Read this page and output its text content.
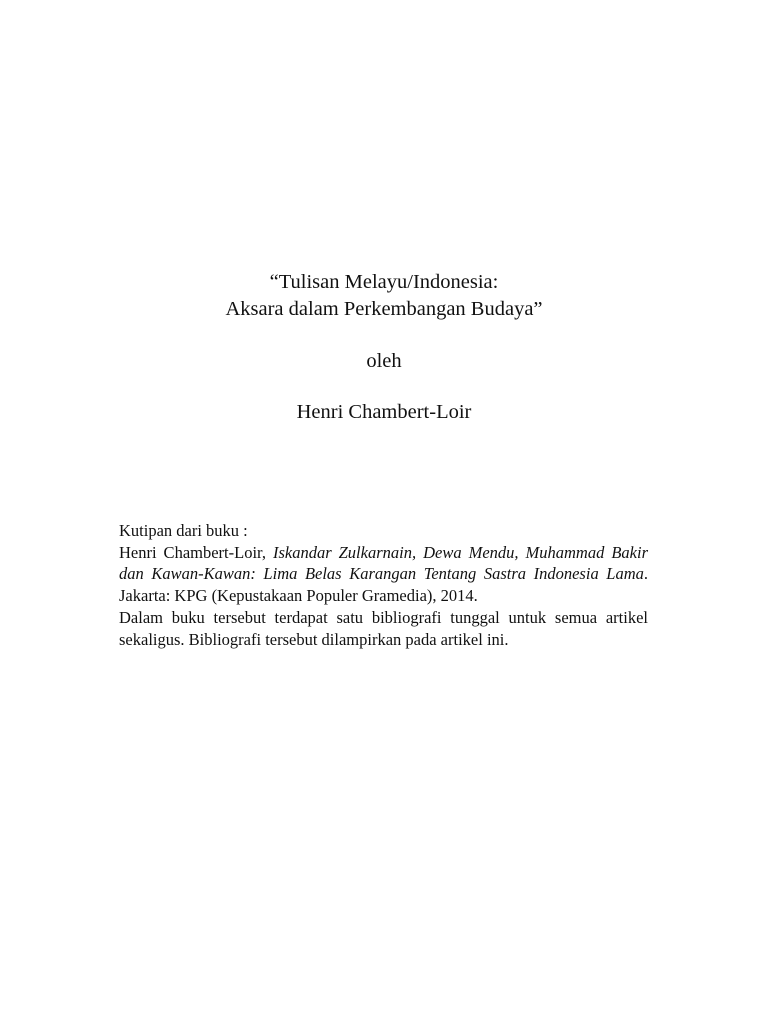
“Tulisan Melayu/Indonesia:
Aksara dalam Perkembangan Budaya”
oleh
Henri Chambert-Loir

Kutipan dari buku :

Henri Chambert-Loir, Iskandar Zulkarnain, Dewa Mendu, Muhammad Bakir dan Kawan-Kawan: Lima Belas Karangan Tentang Sastra Indonesia Lama. Jakarta: KPG (Kepustakaan Populer Gramedia), 2014.

Dalam buku tersebut terdapat satu bibliografi tunggal untuk semua artikel sekaligus. Bibliografi tersebut dilampirkan pada artikel ini.
